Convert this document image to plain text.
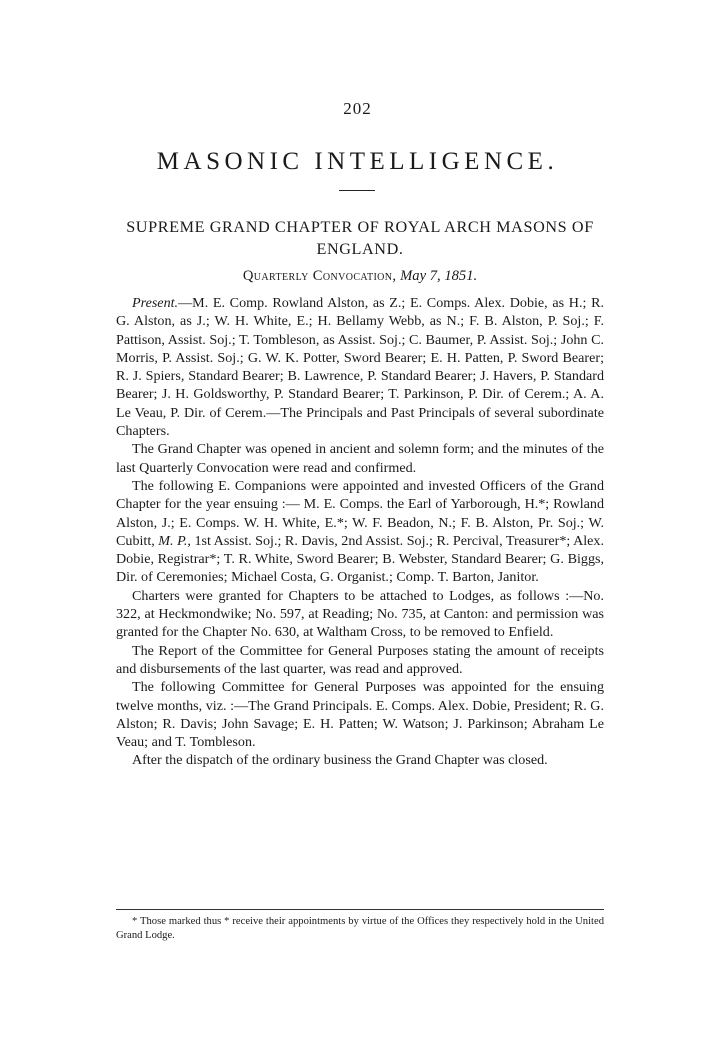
202
MASONIC INTELLIGENCE.
SUPREME GRAND CHAPTER OF ROYAL ARCH MASONS OF ENGLAND.
Quarterly Convocation, May 7, 1851.

Present.—M. E. Comp. Rowland Alston, as Z.; E. Comps. Alex. Dobie, as H.; R. G. Alston, as J.; W. H. White, E.; H. Bellamy Webb, as N.; F. B. Alston, P. Soj.; F. Pattison, Assist. Soj.; T. Tombleson, as Assist. Soj.; C. Baumer, P. Assist. Soj.; John C. Morris, P. Assist. Soj.; G. W. K. Potter, Sword Bearer; E. H. Patten, P. Sword Bearer; R. J. Spiers, Standard Bearer; B. Lawrence, P. Standard Bearer; J. Havers, P. Standard Bearer; J. H. Goldsworthy, P. Standard Bearer; T. Parkinson, P. Dir. of Cerem.; A. A. Le Veau, P. Dir. of Cerem.—The Principals and Past Principals of several subordinate Chapters.

The Grand Chapter was opened in ancient and solemn form; and the minutes of the last Quarterly Convocation were read and confirmed.

The following E. Companions were appointed and invested Officers of the Grand Chapter for the year ensuing :— M. E. Comps. the Earl of Yarborough, H.*; Rowland Alston, J.; E. Comps. W. H. White, E.*; W. F. Beadon, N.; F. B. Alston, Pr. Soj.; W. Cubitt, M. P., 1st Assist. Soj.; R. Davis, 2nd Assist. Soj.; R. Percival, Treasurer*; Alex. Dobie, Registrar*; T. R. White, Sword Bearer; B. Webster, Standard Bearer; G. Biggs, Dir. of Ceremonies; Michael Costa, G. Organist.; Comp. T. Barton, Janitor.

Charters were granted for Chapters to be attached to Lodges, as follows :—No. 322, at Heckmondwike; No. 597, at Reading; No. 735, at Canton: and permission was granted for the Chapter No. 630, at Waltham Cross, to be removed to Enfield.

The Report of the Committee for General Purposes stating the amount of receipts and disbursements of the last quarter, was read and approved.

The following Committee for General Purposes was appointed for the ensuing twelve months, viz. :—The Grand Principals. E. Comps. Alex. Dobie, President; R. G. Alston; R. Davis; John Savage; E. H. Patten; W. Watson; J. Parkinson; Abraham Le Veau; and T. Tombleson.

After the dispatch of the ordinary business the Grand Chapter was closed.

* Those marked thus * receive their appointments by virtue of the Offices they respectively hold in the United Grand Lodge.
